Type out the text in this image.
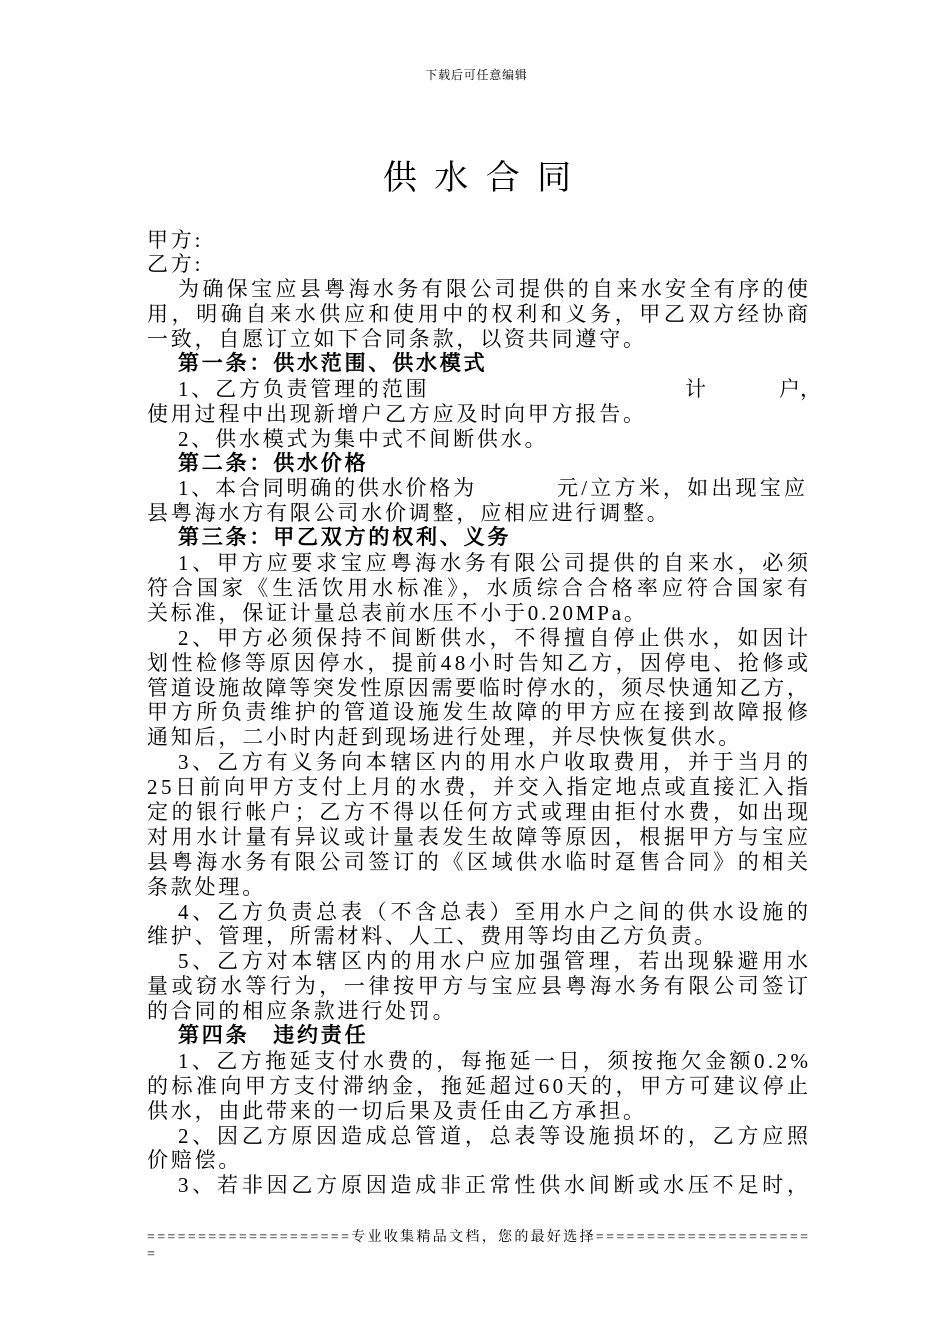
下载后可任意编辑
供 水 合 同
甲方:
乙方:
为确保宝应县粤海水务有限公司提供的自来水安全有序的使
用，明确自来水供应和使用中的权利和义务，甲乙双方经协商
一致，自愿订立如下合同条款，以资共同遵守。
第一条：供水范围、供水模式
1、乙方负责管理的范围	计	户，
使用过程中出现新增户乙方应及时向甲方报告。
2、供水模式为集中式不间断供水。
第二条：供水价格
1、本合同明确的供水价格为	元/立方米，如出现宝应
县粤海水方有限公司水价调整，应相应进行调整。
第三条：甲乙双方的权利、义务
1、甲方应要求宝应粤海水务有限公司提供的自来水，必须
符合国家《生活饮用水标准》，水质综合合格率应符合国家有
关标准，保证计量总表前水压不小于0.20MPa。
2、甲方必须保持不间断供水，不得擅自停止供水，如因计
划性检修等原因停水，提前48小时告知乙方，因停电、抢修或
管道设施故障等突发性原因需要临时停水的，须尽快通知乙方，
甲方所负责维护的管道设施发生故障的甲方应在接到故障报修
通知后，二小时内赶到现场进行处理，并尽快恢复供水。
3、乙方有义务向本辖区内的用水户收取费用，并于当月的
25日前向甲方支付上月的水费，并交入指定地点或直接汇入指
定的银行帐户；乙方不得以任何方式或理由拒付水费，如出现
对用水计量有异议或计量表发生故障等原因，根据甲方与宝应
县粤海水务有限公司签订的《区域供水临时趸售合同》的相关
条款处理。
4、乙方负责总表（不含总表）至用水户之间的供水设施的
维护、管理，所需材料、人工、费用等均由乙方负责。
5、乙方对本辖区内的用水户应加强管理，若出现躲避用水
量或窃水等行为，一律按甲方与宝应县粤海水务有限公司签订
的合同的相应条款进行处罚。
第四条　违约责任
1、乙方拖延支付水费的，每拖延一日，须按拖欠金额0.2%
的标准向甲方支付滞纳金，拖延超过60天的，甲方可建议停止
供水，由此带来的一切后果及责任由乙方承担。
2、因乙方原因造成总管道，总表等设施损坏的，乙方应照
价赔偿。
3、若非因乙方原因造成非正常性供水间断或水压不足时，
====================专业收集精品文档，您的最好选择=====================
=
